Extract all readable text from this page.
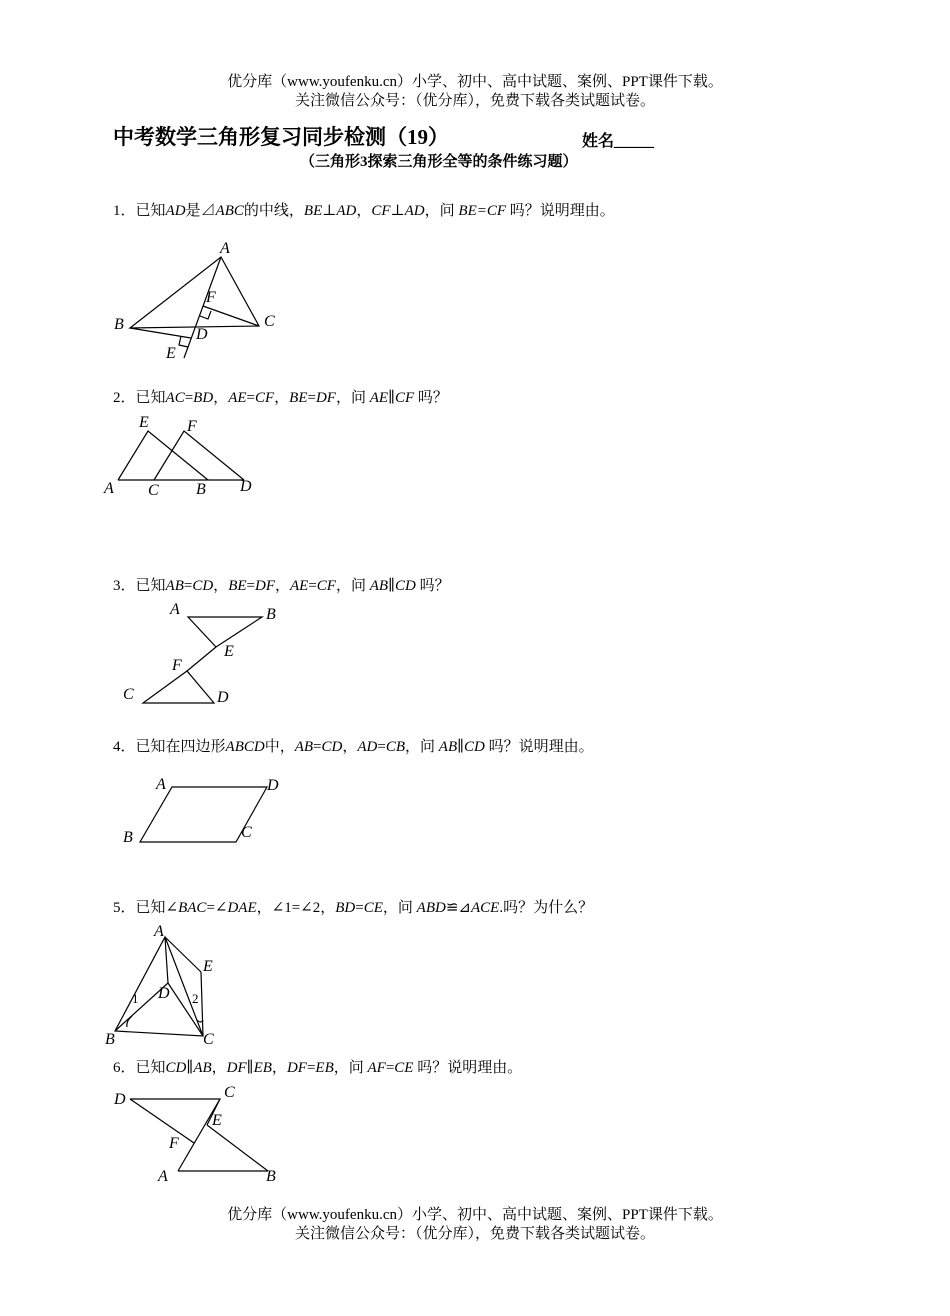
优分库（www.youfenku.cn）小学、初中、高中试题、案例、PPT课件下载。
关注微信公众号：（优分库），免费下载各类试题试卷。
中考数学三角形复习同步检测（19）	姓名_____
（三角形3探索三角形全等的条件练习题）
1．已知AD是⊿ABC的中线，BE⊥AD，CF⊥AD，问 BE=CF 吗？说明理由。
2．已知AC=BD，AE=CF，BE=DF，问 AE∥CF 吗？
3．已知AB=CD，BE=DF，AE=CF，问 AB∥CD 吗？
4．已知在四边形ABCD中，AB=CD，AD=CB，问 AB∥CD 吗？说明理由。
5．已知∠BAC=∠DAE，∠1=∠2，BD=CE，问 ABD≌⊿ACE.吗？为什么？
6．已知CD∥AB，DF∥EB，DF=EB，问 AF=CE 吗？说明理由。
A
B	C
D
E
F
E F
A C B D
A	B
E
F
C	D
A	D
B	C
A
E
D
B	C
1	2
D	C
E
F
A	B
优分库（www.youfenku.cn）小学、初中、高中试题、案例、PPT课件下载。
关注微信公众号：（优分库），免费下载各类试题试卷。
